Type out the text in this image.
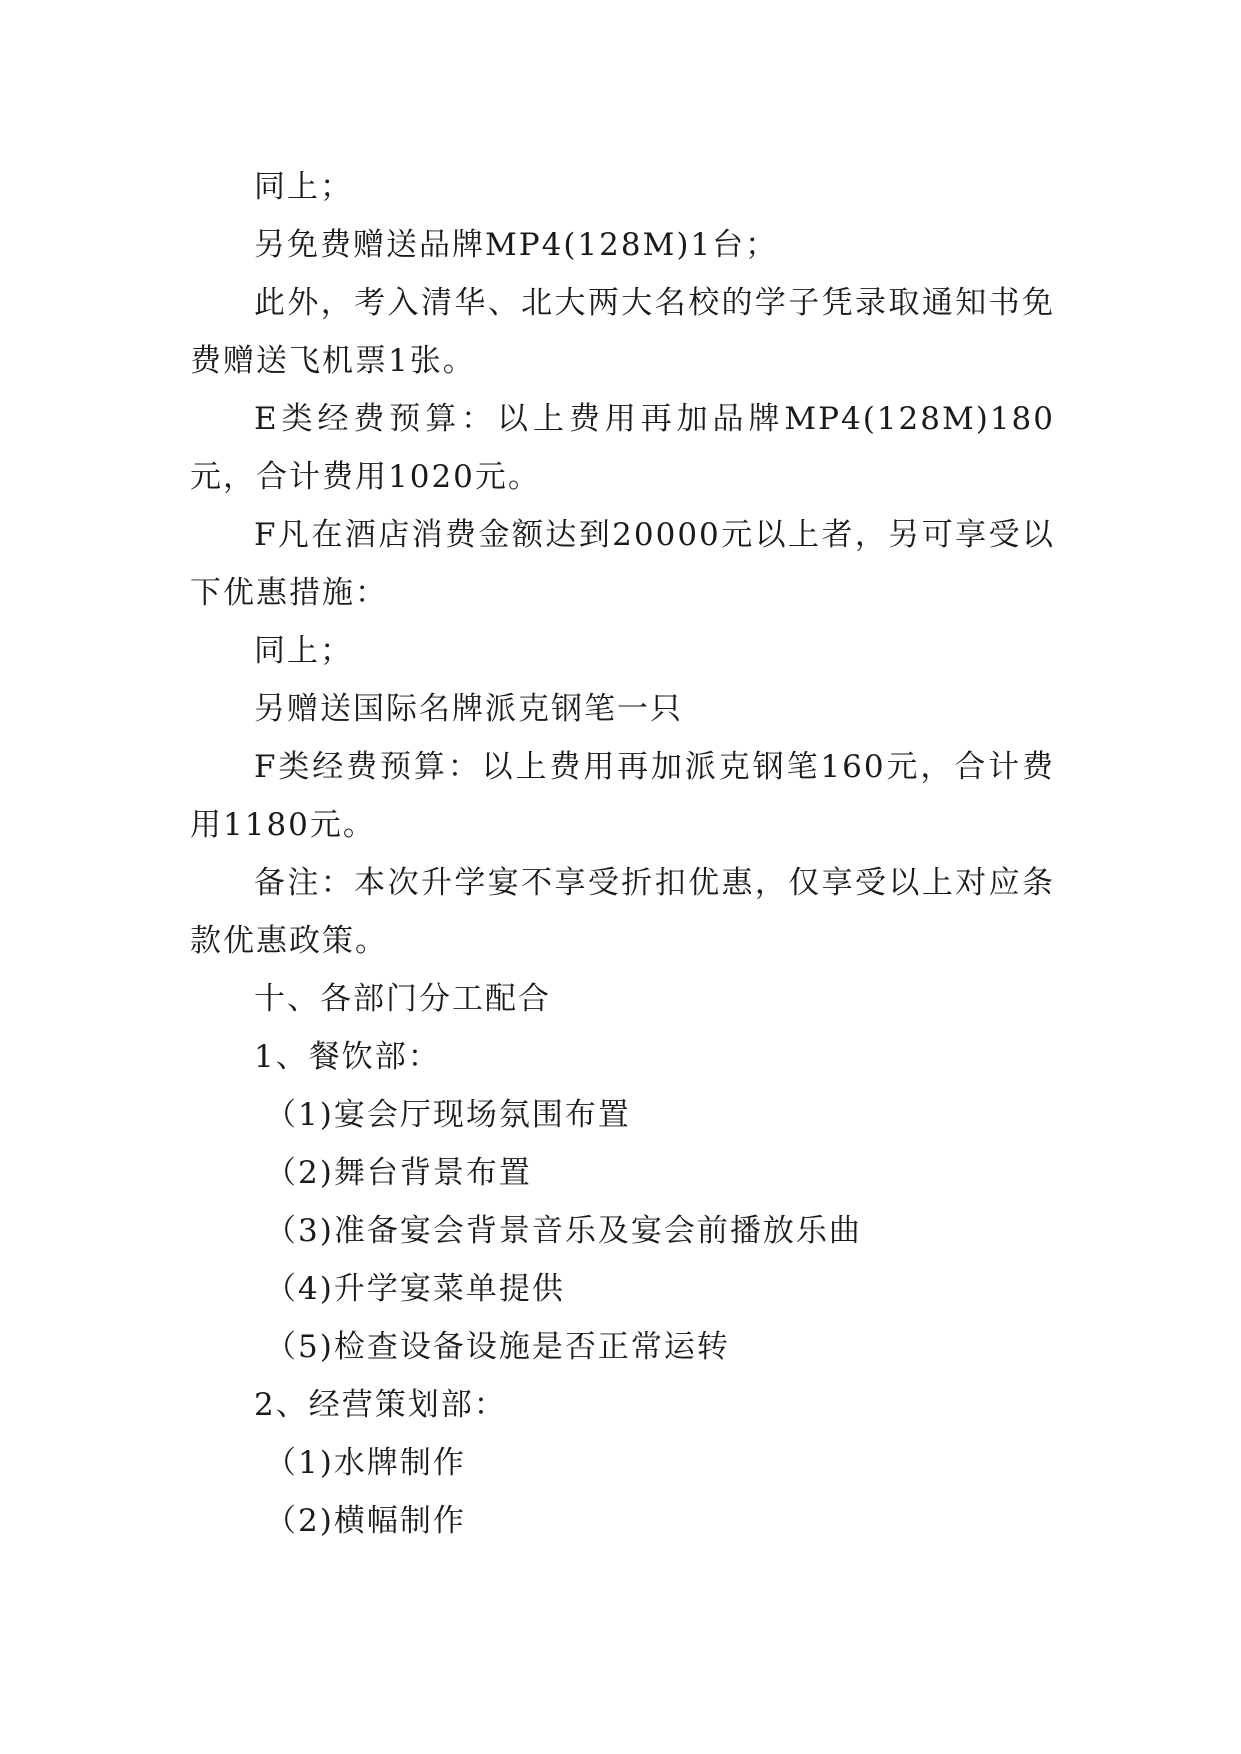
同上；

另免费赠送品牌MP4(128M)1台；

此外，考入清华、北大两大名校的学子凭录取通知书免费赠送飞机票1张。

E类经费预算：以上费用再加品牌MP4(128M)180元，合计费用1020元。

F凡在酒店消费金额达到20000元以上者，另可享受以下优惠措施：

同上；

另赠送国际名牌派克钢笔一只

F类经费预算：以上费用再加派克钢笔160元，合计费用1180元。

备注：本次升学宴不享受折扣优惠，仅享受以上对应条款优惠政策。

十、各部门分工配合

1、餐饮部：

（1)宴会厅现场氛围布置

（2)舞台背景布置

（3)准备宴会背景音乐及宴会前播放乐曲

（4)升学宴菜单提供

（5)检查设备设施是否正常运转

2、经营策划部：

（1)水牌制作

（2)横幅制作
